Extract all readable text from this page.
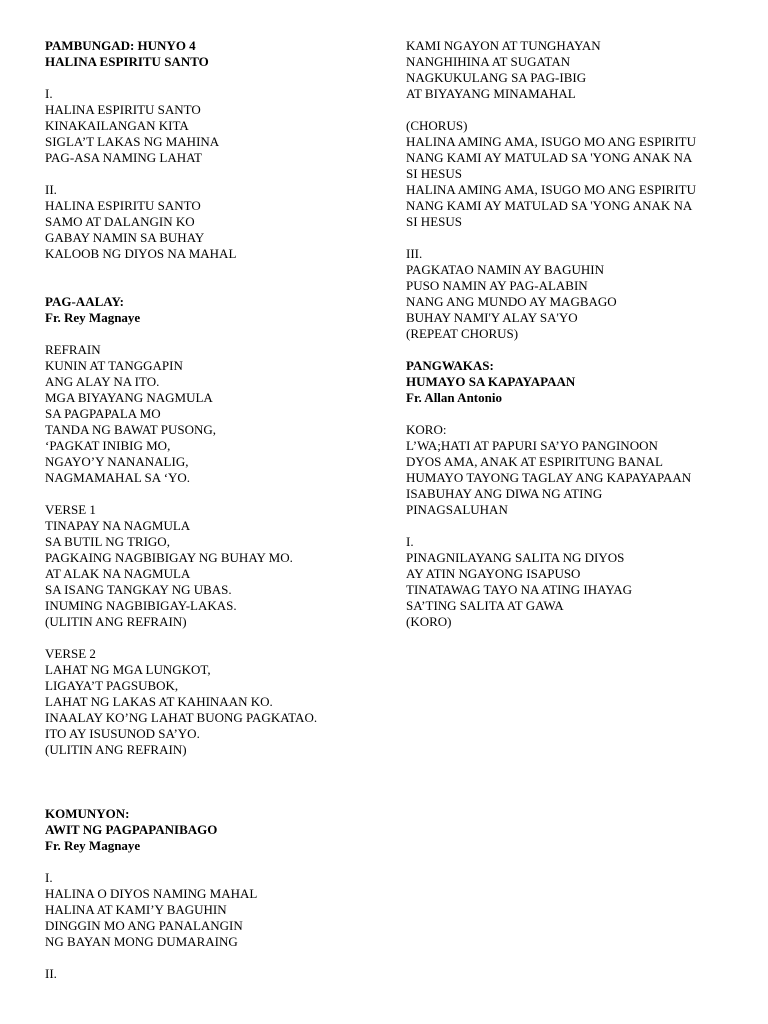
PAMBUNGAD: HUNYO 4
HALINA ESPIRITU SANTO
I.
HALINA ESPIRITU SANTO
KINAKAILANGAN KITA
SIGLA’T LAKAS NG MAHINA
PAG-ASA NAMING LAHAT
II.
HALINA ESPIRITU SANTO
SAMO AT DALANGIN KO
GABAY NAMIN SA BUHAY
KALOOB NG DIYOS NA MAHAL
PAG-AALAY:
Fr. Rey Magnaye
REFRAIN
KUNIN AT TANGGAPIN
ANG ALAY NA ITO.
MGA BIYAYANG NAGMULA
SA PAGPAPALA MO
TANDA NG BAWAT PUSONG,
‘PAGKAT INIBIG MO,
NGAYO’Y NANANALIG,
NAGMAMAHAL SA ‘YO.
VERSE 1
TINAPAY NA NAGMULA
SA BUTIL NG TRIGO,
PAGKAING NAGBIBIGAY NG BUHAY MO.
AT ALAK NA NAGMULA
SA ISANG TANGKAY NG UBAS.
INUMING NAGBIBIGAY-LAKAS.
(ULITIN ANG REFRAIN)
VERSE 2
LAHAT NG MGA LUNGKOT,
LIGAYA’T PAGSUBOK,
LAHAT NG LAKAS AT KAHINAAN KO.
INAALAY KO’NG LAHAT BUONG PAGKATAO.
ITO AY ISUSUNOD SA’YO.
(ULITIN ANG REFRAIN)
KOMUNYON:
AWIT NG PAGPAPANIBAGO
Fr. Rey Magnaye
I.
HALINA O DIYOS NAMING MAHAL
HALINA AT KAMI’Y BAGUHIN
DINGGIN MO ANG PANALANGIN
NG BAYAN MONG DUMARAING
II.
KAMI NGAYON AT TUNGHAYAN
NANGHIHINA AT SUGATAN
NAGKUKULANG SA PAG-IBIG
AT BIYAYANG MINAMAHAL
(CHORUS)
HALINA AMING AMA, ISUGO MO ANG ESPIRITU
NANG KAMI AY MATULAD SA 'YONG ANAK NA
SI HESUS
HALINA AMING AMA, ISUGO MO ANG ESPIRITU
NANG KAMI AY MATULAD SA 'YONG ANAK NA
SI HESUS
III.
PAGKATAO NAMIN AY BAGUHIN
PUSO NAMIN AY PAG-ALABIN
NANG ANG MUNDO AY MAGBAGO
BUHAY NAMI'Y ALAY SA'YO
(REPEAT CHORUS)
PANGWAKAS:
HUMAYO SA KAPAYAPAAN
Fr. Allan Antonio
KORO:
L’WA;HATI AT PAPURI SA’YO PANGINOON
DYOS AMA, ANAK AT ESPIRITUNG BANAL
HUMAYO TAYONG TAGLAY ANG KAPAYAPAAN
ISABUHAY ANG DIWA NG ATING
PINAGSALUHAN
I.
PINAGNILAYANG SALITA NG DIYOS
AY ATIN NGAYONG ISAPUSO
TINATAWAG TAYO NA ATING IHAYAG
SA’TING SALITA AT GAWA
(KORO)
